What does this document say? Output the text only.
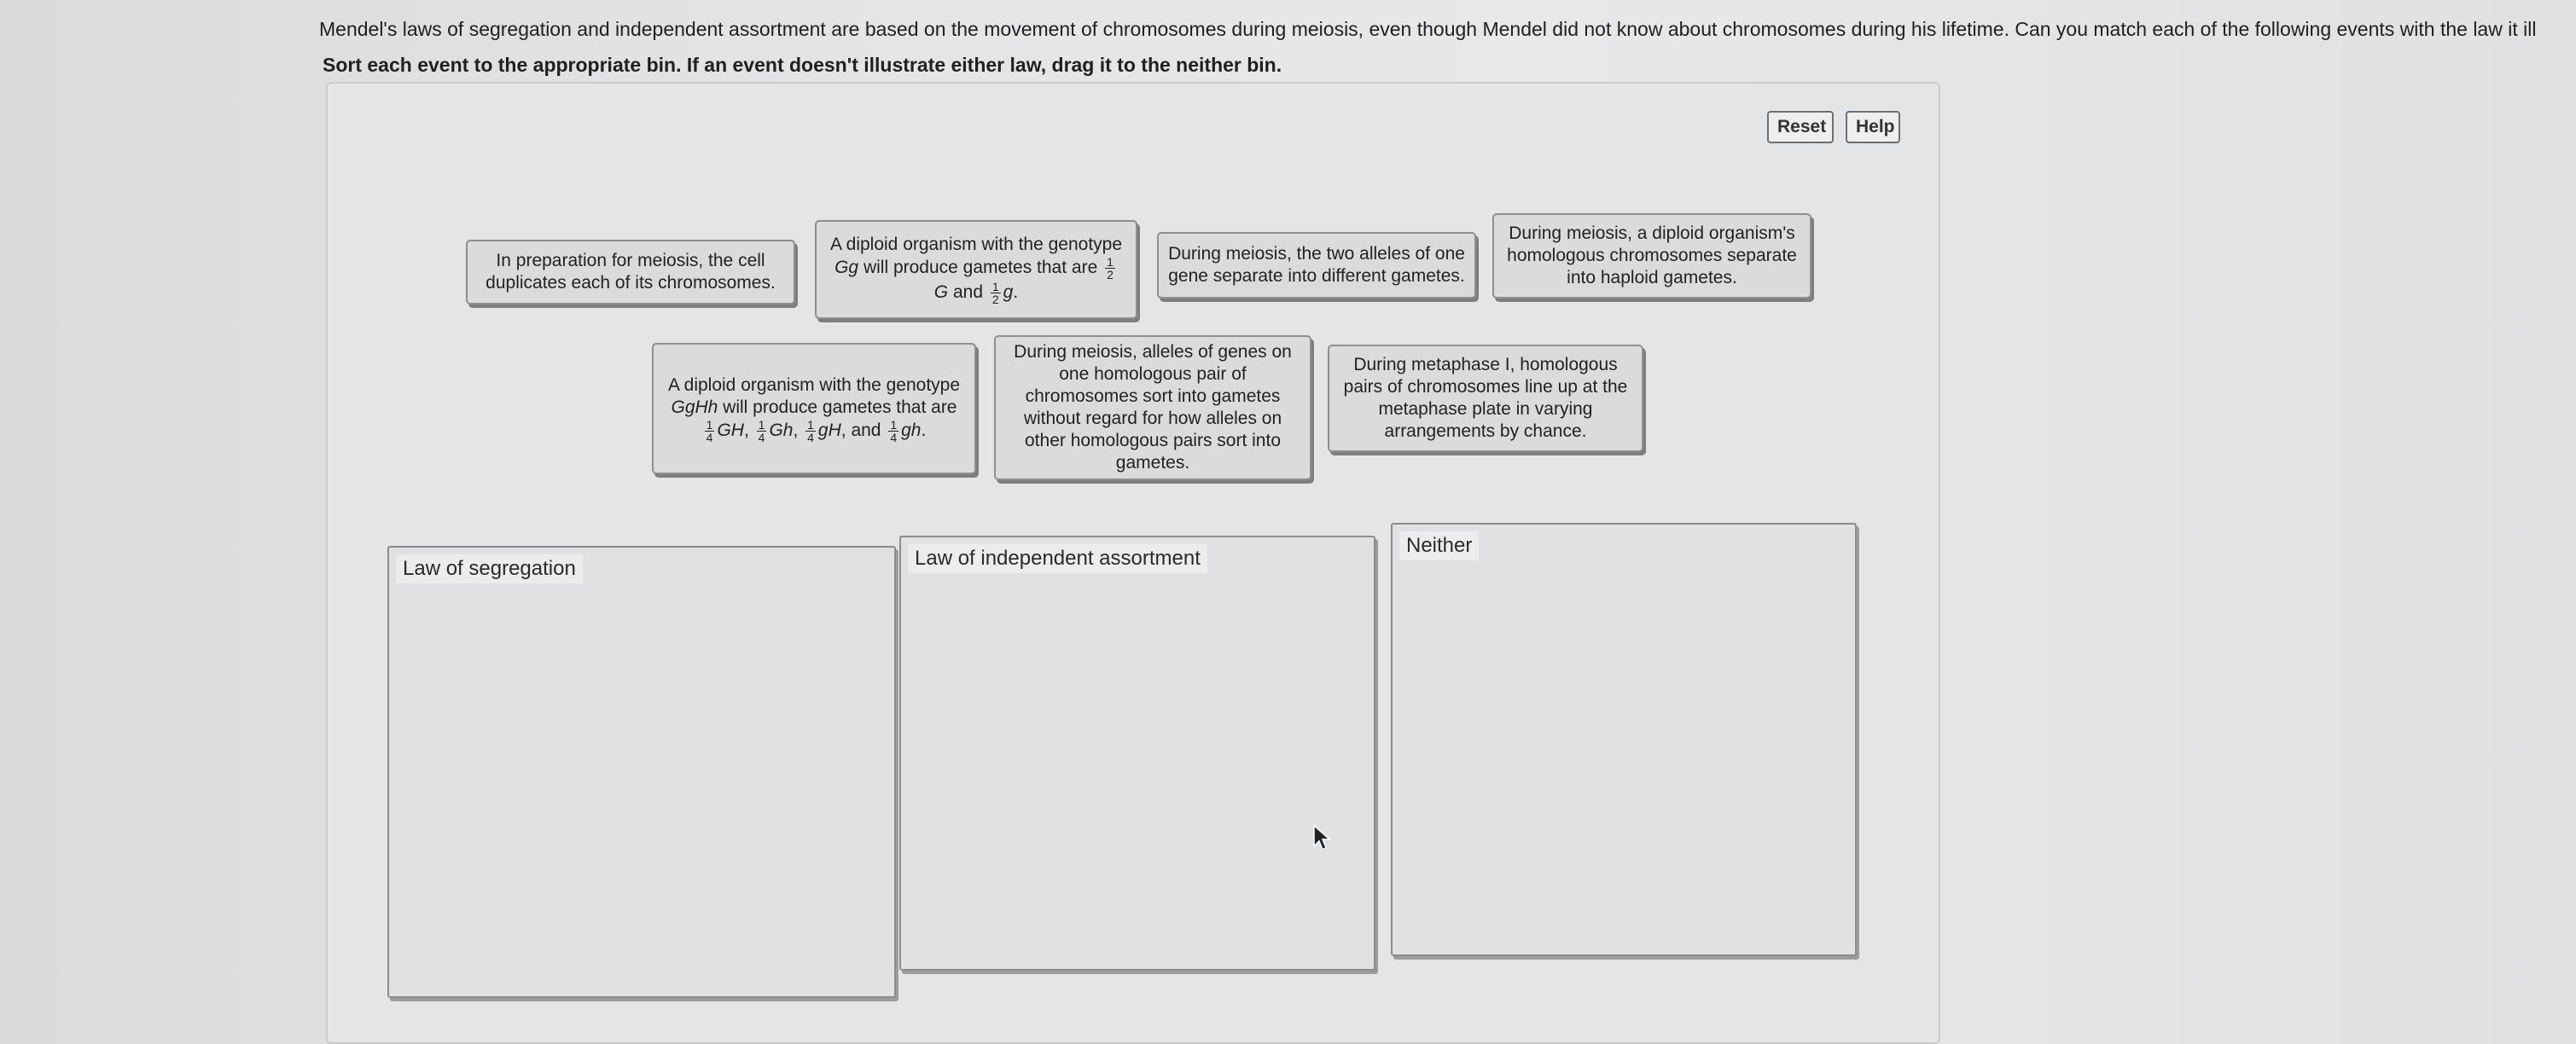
Mendel's laws of segregation and independent assortment are based on the movement of chromosomes during meiosis, even though Mendel did not know about chromosomes during his lifetime. Can you match each of the following events with the law it ill
Sort each event to the appropriate bin. If an event doesn't illustrate either law, drag it to the neither bin.
Reset	Help
In preparation for meiosis, the cell duplicates each of its chromosomes.
A diploid organism with the genotype
Gg will produce gametes that are $\frac{1}{2}$

G and $\frac{1}{2} g$.
During meiosis, the two alleles of one gene separate into different gametes.
During meiosis, a diploid organism's homologous chromosomes separate into haploid gametes.
A diploid organism with the genotype
GgHh will produce gametes that are

$\frac{1}{4}$ GH, $\frac{1}{4} Gh$, $\frac{1}{4}$ gH, and $\frac{1}{4}$ gh.
During meiosis, alleles of genes on one homologous pair of chromosomes sort into gametes without regard for how alleles on other homologous pairs sort into gametes.
During metaphase I, homologous pairs of chromosomes line up at the metaphase plate in varying arrangements by chance.
Law of segregation	Law of independent assortment
Neither
